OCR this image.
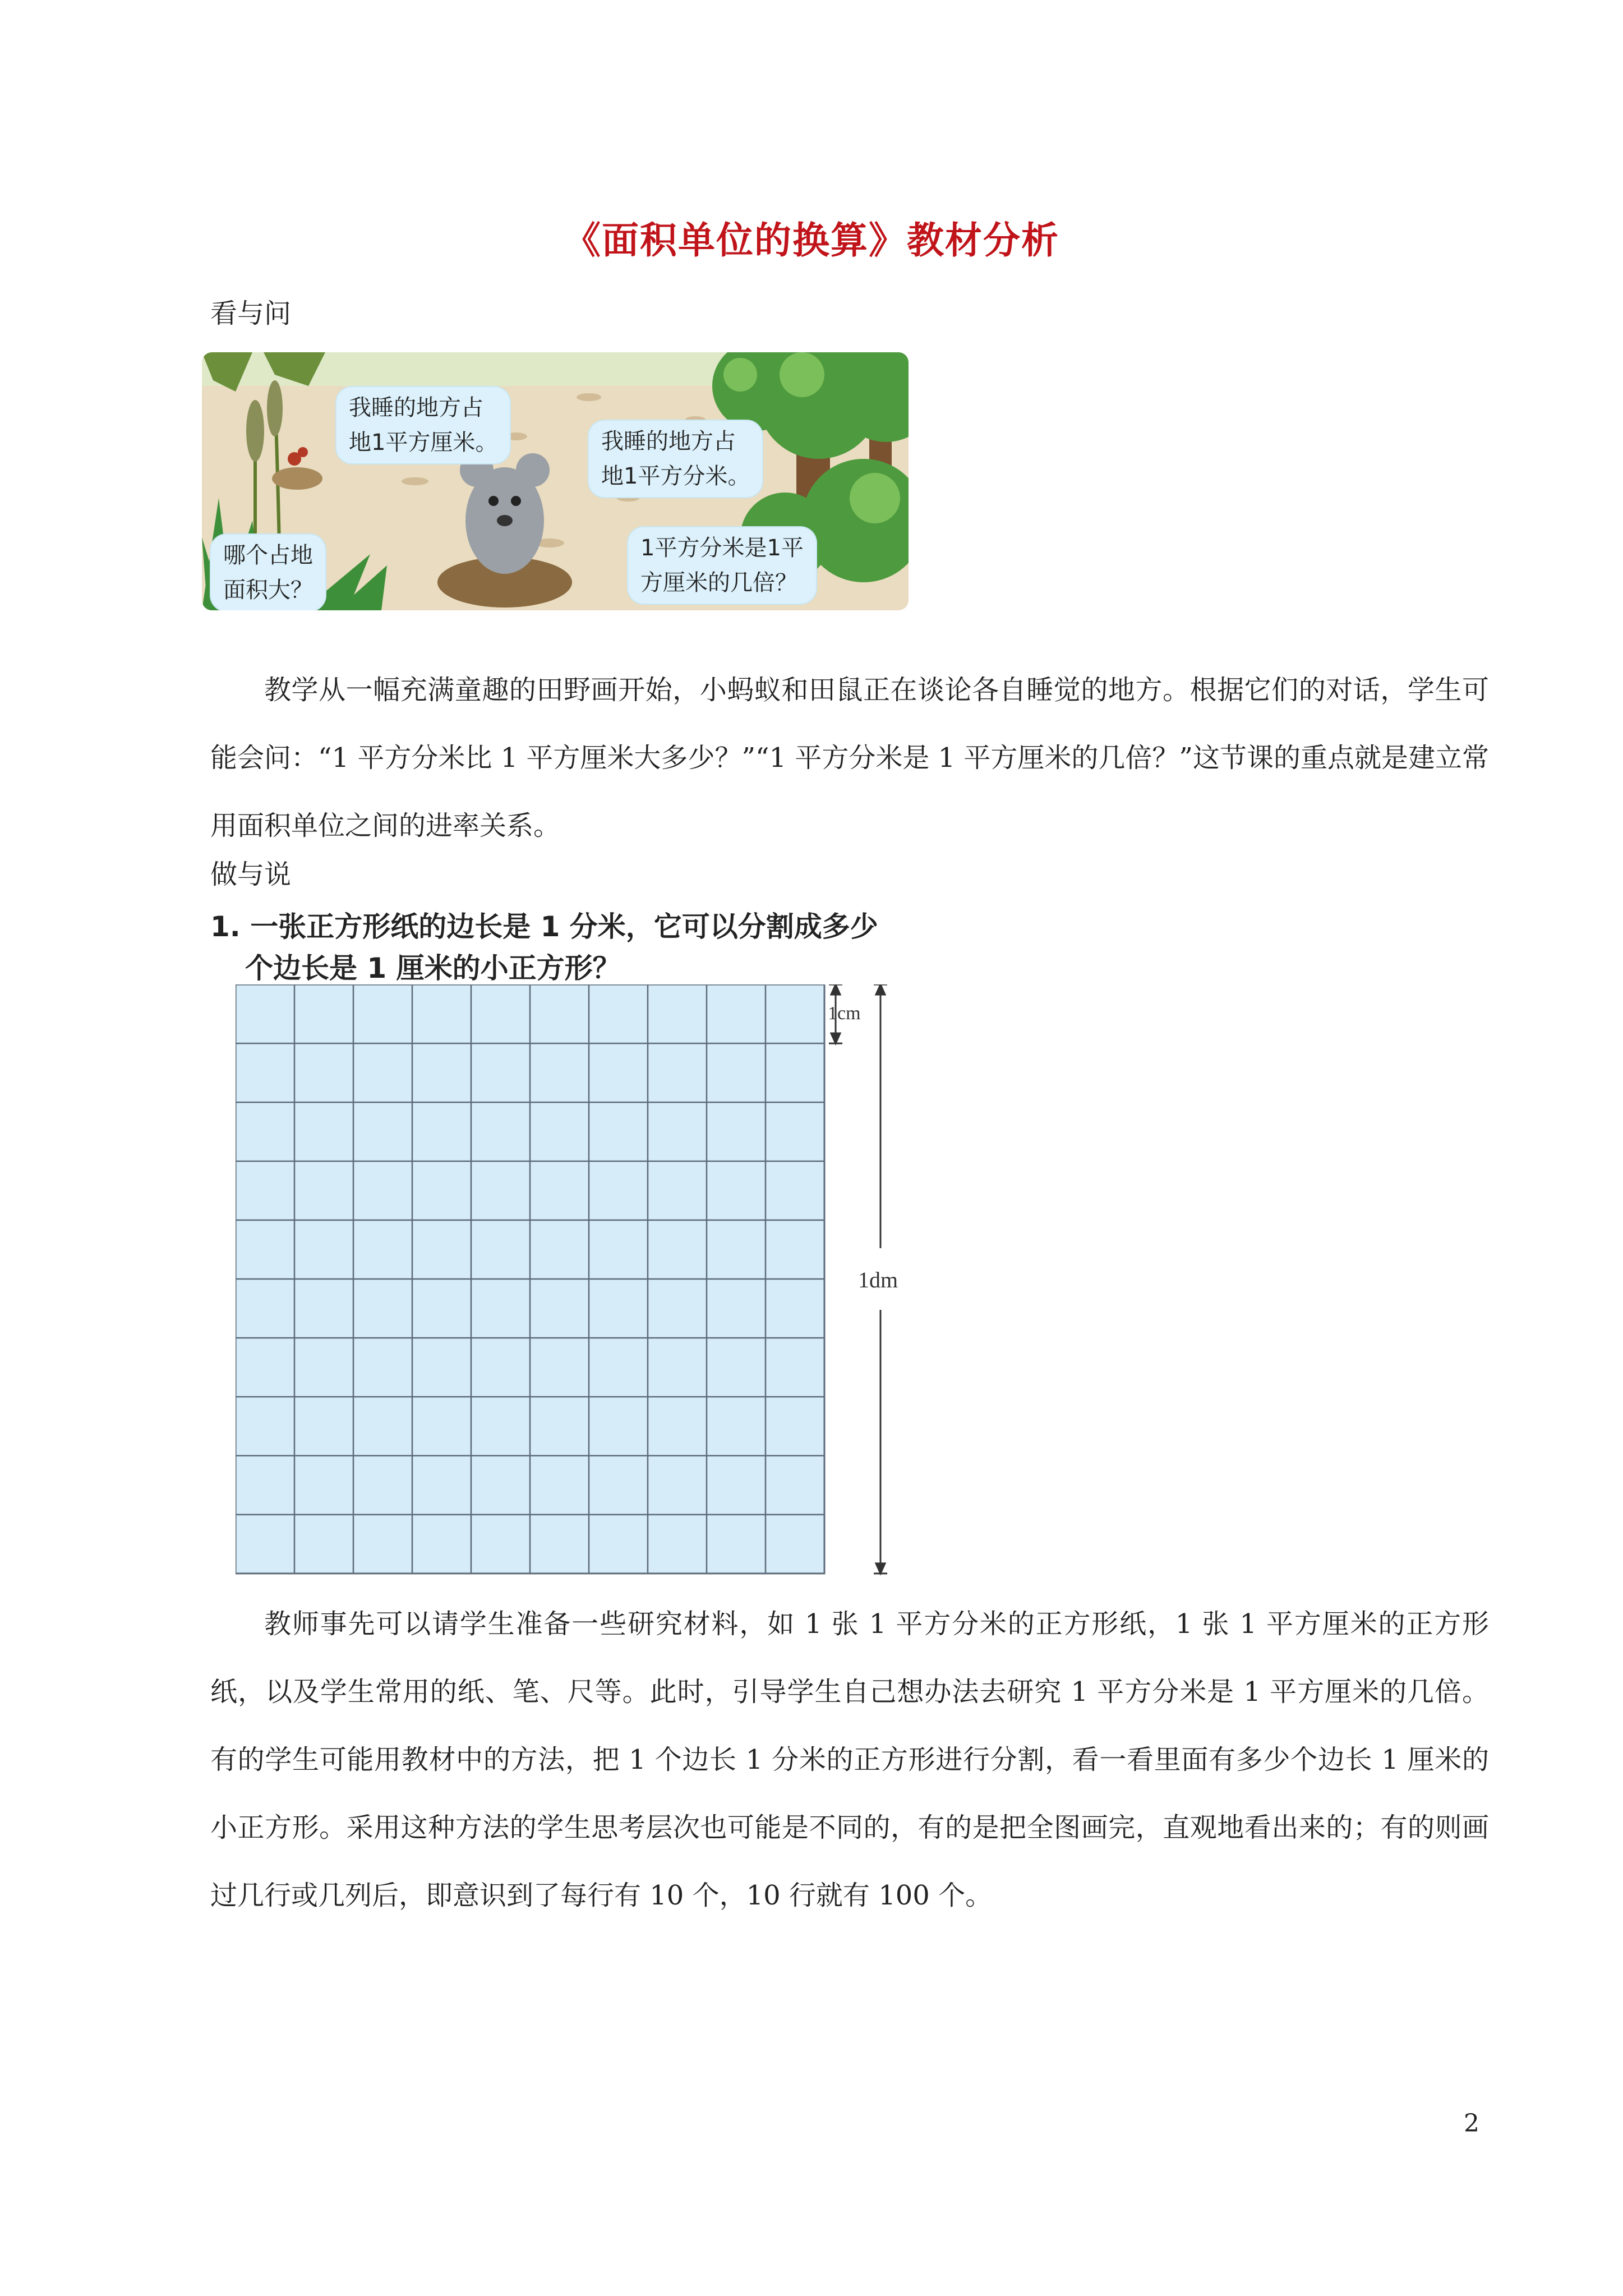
《面积单位的换算》教材分析
看与问
我睡的地方占
地1平方厘米。	我睡的地方占
地1平方分米。
哪个占地
面积大？
1平方分米是1平
方厘米的几倍？

教学从一幅充满童趣的田野画开始，小蚂蚁和田鼠正在谈论各自睡觉的地方。根据它们的对话，学生可能会问：“1 平方分米比 1 平方厘米大多少？”“1 平方分米是 1 平方厘米的几倍？”这节课的重点就是建立常用面积单位之间的进率关系。

做与说
1. 一张正方形纸的边长是 1 分米，它可以分割成多少
个边长是 1 厘米的小正方形？
1cm
1dm

教师事先可以请学生准备一些研究材料，如 1 张 1 平方分米的正方形纸，1 张 1 平方厘米的正方形纸，以及学生常用的纸、笔、尺等。此时，引导学生自己想办法去研究 1 平方分米是 1 平方厘米的几倍。有的学生可能用教材中的方法，把 1 个边长 1 分米的正方形进行分割，看一看里面有多少个边长 1 厘米的小正方形。采用这种方法的学生思考层次也可能是不同的，有的是把全图画完，直观地看出来的；有的则画过几行或几列后，即意识到了每行有 10 个，10 行就有 100 个。

2
